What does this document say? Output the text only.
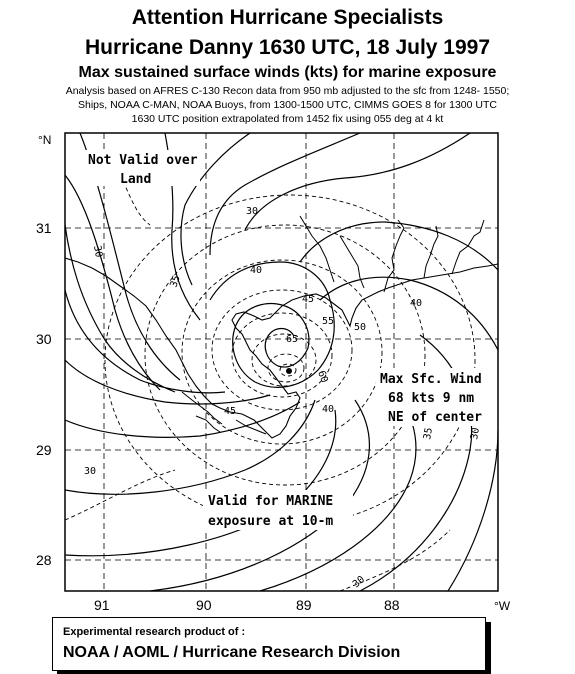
Attention Hurricane Specialists
Hurricane Danny 1630 UTC, 18 July 1997
Max sustained surface winds (kts) for marine exposure
Analysis based on AFRES C-130 Recon data from 950 mb adjusted to the sfc from 1248- 1550;
Ships, NOAA C-MAN, NOAA Buoys, from 1300-1500 UTC, CIMMS GOES 8 for 1300 UTC
1630 UTC position extrapolated from 1452 fix using 055 deg at 4 kt
30
30
35
40
45
50
55
60
65
40
35	30
30
45	40
30
Not Valid over
Land
Max Sfc. Wind
68 kts 9 nm
NE of center
Valid for MARINE
exposure at 10-m
°N
31
30
29
28
91	90	89	88	°W
Experimental research product of :
NOAA / AOML / Hurricane Research Division
